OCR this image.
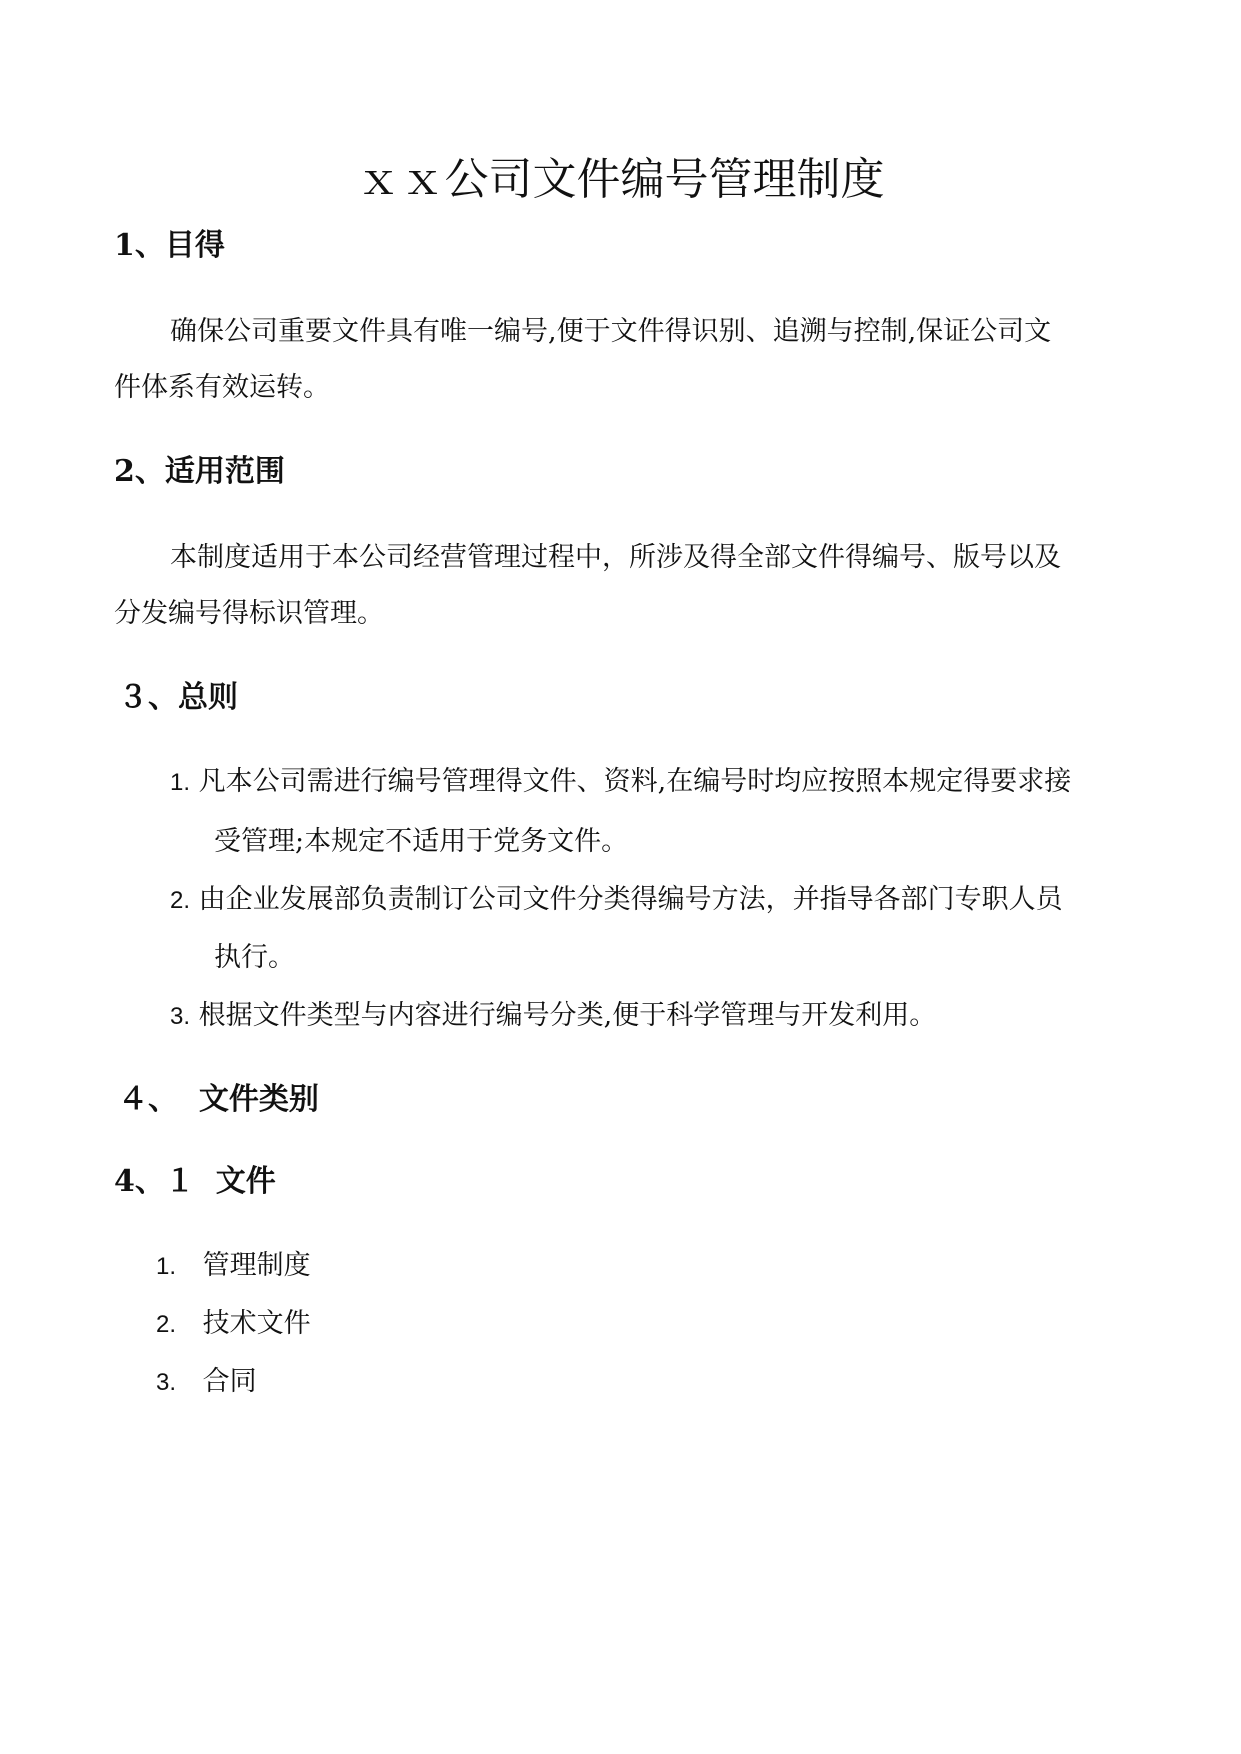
ｘｘ公司文件编号管理制度
1、目得

确保公司重要文件具有唯一编号,便于文件得识别、追溯与控制,保证公司文

件体系有效运转。

2、适用范围

本制度适用于本公司经营管理过程中，所涉及得全部文件得编号、版号以及

分发编号得标识管理。

３、总则
1. 凡本公司需进行编号管理得文件、资料,在编号时均应按照本规定得要求接
受管理;本规定不适用于党务文件。
2. 由企业发展部负责制订公司文件分类得编号方法，并指导各部门专职人员
执行。
3. 根据文件类型与内容进行编号分类,便于科学管理与开发利用。
４、  文件类别
4、１  文件
1. 管理制度
2. 技术文件
3. 合同
